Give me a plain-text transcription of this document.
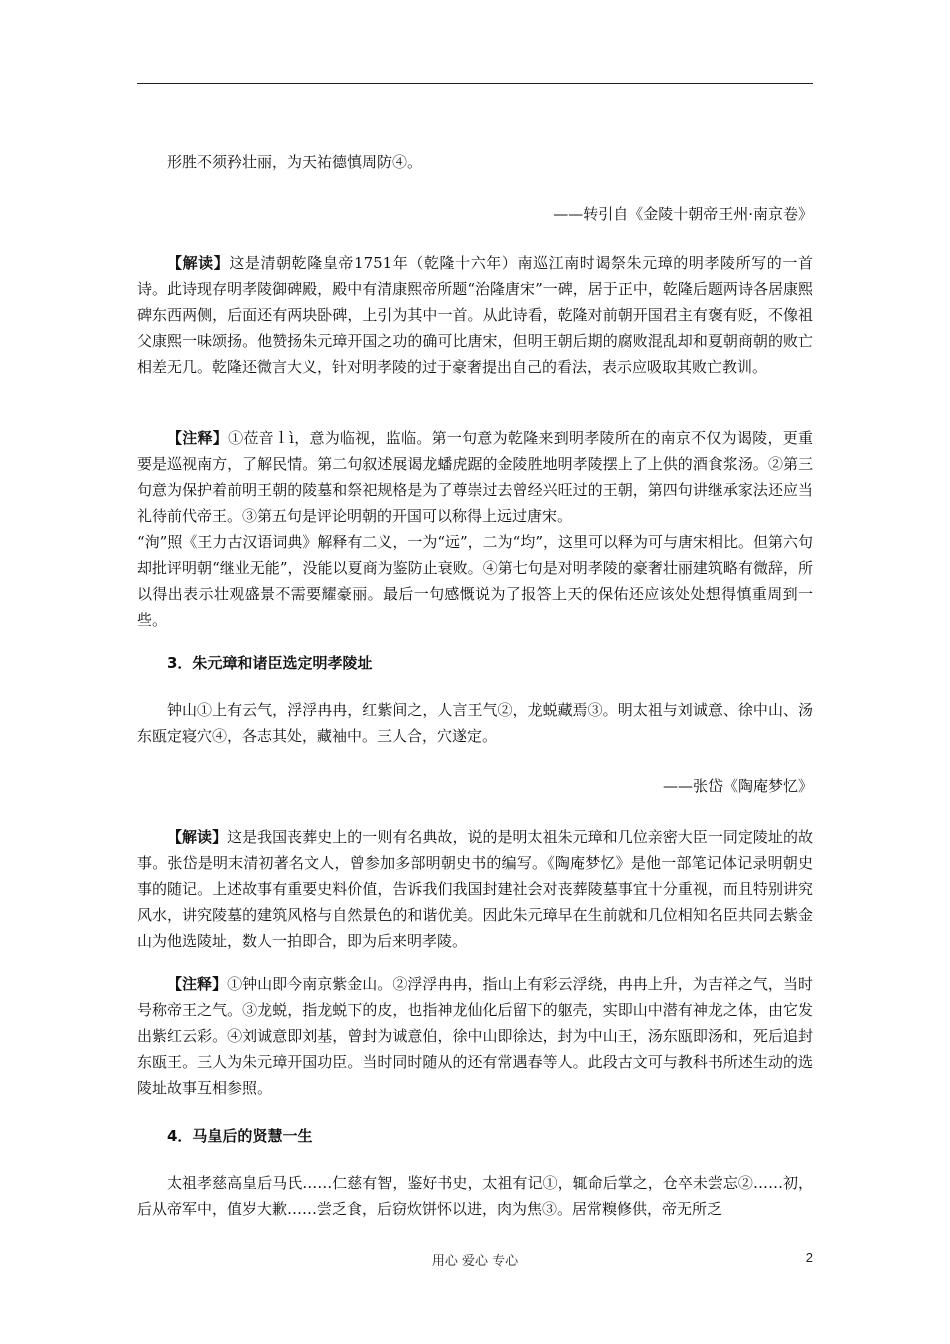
形胜不须矜壮丽，为天祐德慎周防④。

——转引自《金陵十朝帝王州·南京卷》

【解读】这是清朝乾隆皇帝1751年（乾隆十六年）南巡江南时谒祭朱元璋的明孝陵所写的一首诗。此诗现存明孝陵御碑殿，殿中有清康熙帝所题“治隆唐宋”一碑，居于正中，乾隆后题两诗各居康熙碑东西两侧，后面还有两块卧碑，上引为其中一首。从此诗看，乾隆对前朝开国君主有褒有贬，不像祖父康熙一味颂扬。他赞扬朱元璋开国之功的确可比唐宋，但明王朝后期的腐败混乱却和夏朝商朝的败亡相差无几。乾隆还微言大义，针对明孝陵的过于豪奢提出自己的看法，表示应吸取其败亡教训。

【注释】①莅音ｌì，意为临视，监临。第一句意为乾隆来到明孝陵所在的南京不仅为谒陵，更重要是巡视南方，了解民情。第二句叙述展谒龙蟠虎踞的金陵胜地明孝陵摆上了上供的酒食浆汤。②第三句意为保护着前明王朝的陵墓和祭祀规格是为了尊崇过去曾经兴旺过的王朝，第四句讲继承家法还应当礼待前代帝王。③第五句是评论明朝的开国可以称得上远过唐宋。

“洵”照《王力古汉语词典》解释有二义，一为“远”，二为“均”，这里可以释为可与唐宋相比。但第六句却批评明朝“继业无能”，没能以夏商为鉴防止衰败。④第七句是对明孝陵的豪奢壮丽建筑略有微辞，所以得出表示壮观盛景不需要耀豪丽。最后一句感慨说为了报答上天的保佑还应该处处想得慎重周到一些。

3．朱元璋和诸臣选定明孝陵址

钟山①上有云气，浮浮冉冉，红紫间之，人言王气②，龙蜕藏焉③。明太祖与刘诚意、徐中山、汤东瓯定寝穴④，各志其处，藏袖中。三人合，穴遂定。

——张岱《陶庵梦忆》

【解读】这是我国丧葬史上的一则有名典故，说的是明太祖朱元璋和几位亲密大臣一同定陵址的故事。张岱是明末清初著名文人，曾参加多部明朝史书的编写。《陶庵梦忆》是他一部笔记体记录明朝史事的随记。上述故事有重要史料价值，告诉我们我国封建社会对丧葬陵墓事宜十分重视，而且特别讲究风水，讲究陵墓的建筑风格与自然景色的和谐优美。因此朱元璋早在生前就和几位相知名臣共同去紫金山为他选陵址，数人一拍即合，即为后来明孝陵。

【注释】①钟山即今南京紫金山。②浮浮冉冉，指山上有彩云浮绕，冉冉上升，为吉祥之气，当时号称帝王之气。③龙蜕，指龙蜕下的皮，也指神龙仙化后留下的躯壳，实即山中潜有神龙之体，由它发出紫红云彩。④刘诚意即刘基，曾封为诚意伯，徐中山即徐达，封为中山王，汤东瓯即汤和，死后追封东瓯王。三人为朱元璋开国功臣。当时同时随从的还有常遇春等人。此段古文可与教科书所述生动的选陵址故事互相参照。

4．马皇后的贤慧一生

太祖孝慈高皇后马氏……仁慈有智，鉴好书史，太祖有记①，辄命后掌之，仓卒未尝忘②……初，后从帝军中，值岁大歉……尝乏食，后窃炊饼怀以进，肉为焦③。居常糗修供，帝无所乏

用心 爱心 专心	2
